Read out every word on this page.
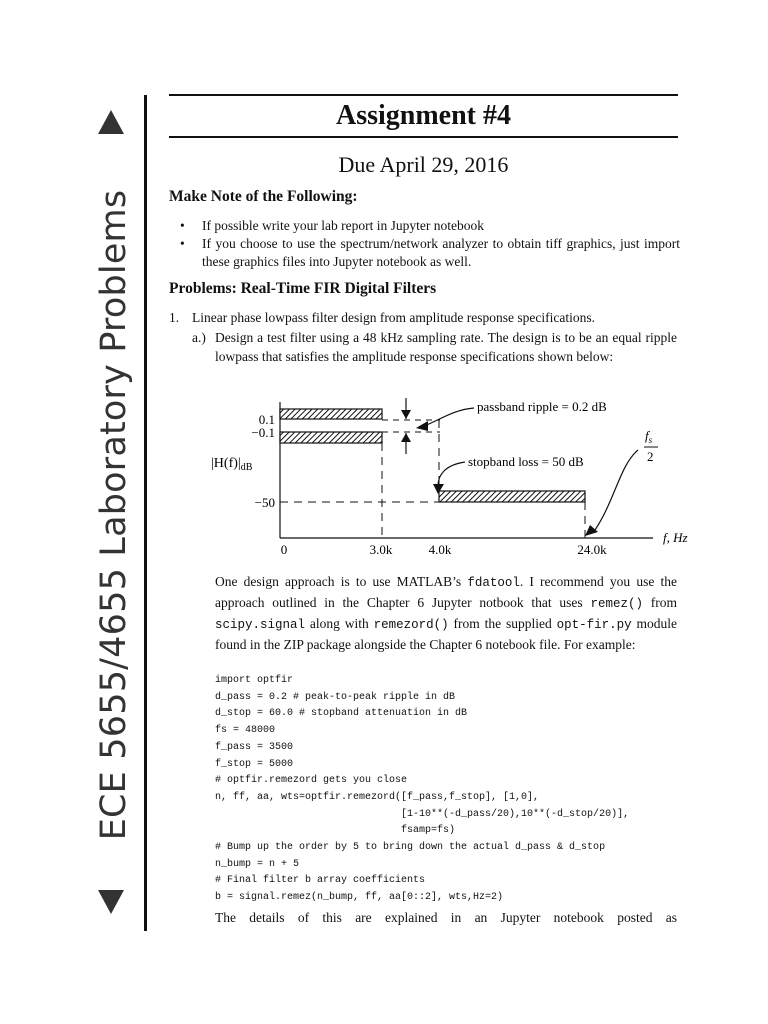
ECE 5655/4655 Laboratory Problems
Assignment #4
Due April 29, 2016
Make Note of the Following:
•	If possible write your lab report in Jupyter notebook
•	If you choose to use the spectrum/network analyzer to obtain tiff graphics, just import these graphics files into Jupyter notebook as well.
Problems: Real-Time FIR Digital Filters
1. Linear phase lowpass filter design from amplitude response specifications.
a.) Design a test filter using a 48 kHz sampling rate. The design is to be an equal ripple lowpass that satisfies the amplitude response specifications shown below:
0.1
−0.1
−50
$|H(f)|_{dB}$
0	3.0k	4.0k	24.0k
f, Hz
passband ripple = 0.2 dB
stopband loss = 50 dB
$f_s$
2
One design approach is to use MATLAB’s fdatool. I recommend you use the approach outlined in the Chapter 6 Jupyter notbook that uses remez() from scipy.signal along with remezord() from the supplied opt-fir.py module found in the ZIP package alongside the Chapter 6 notebook file. For example:
import optfir
d_pass = 0.2 # peak-to-peak ripple in dB
d_stop = 60.0 # stopband attenuation in dB
fs = 48000
f_pass = 3500
f_stop = 5000
# optfir.remezord gets you close
n, ff, aa, wts=optfir.remezord([f_pass,f_stop], [1,0],
[1-10**(-d_pass/20),10**(-d_stop/20)],
fsamp=fs)
# Bump up the order by 5 to bring down the actual d_pass & d_stop
n_bump = n + 5
# Final filter b array coefficients
b = signal.remez(n_bump, ff, aa[0::2], wts,Hz=2)
The details of this are explained in an Jupyter notebook posted as
